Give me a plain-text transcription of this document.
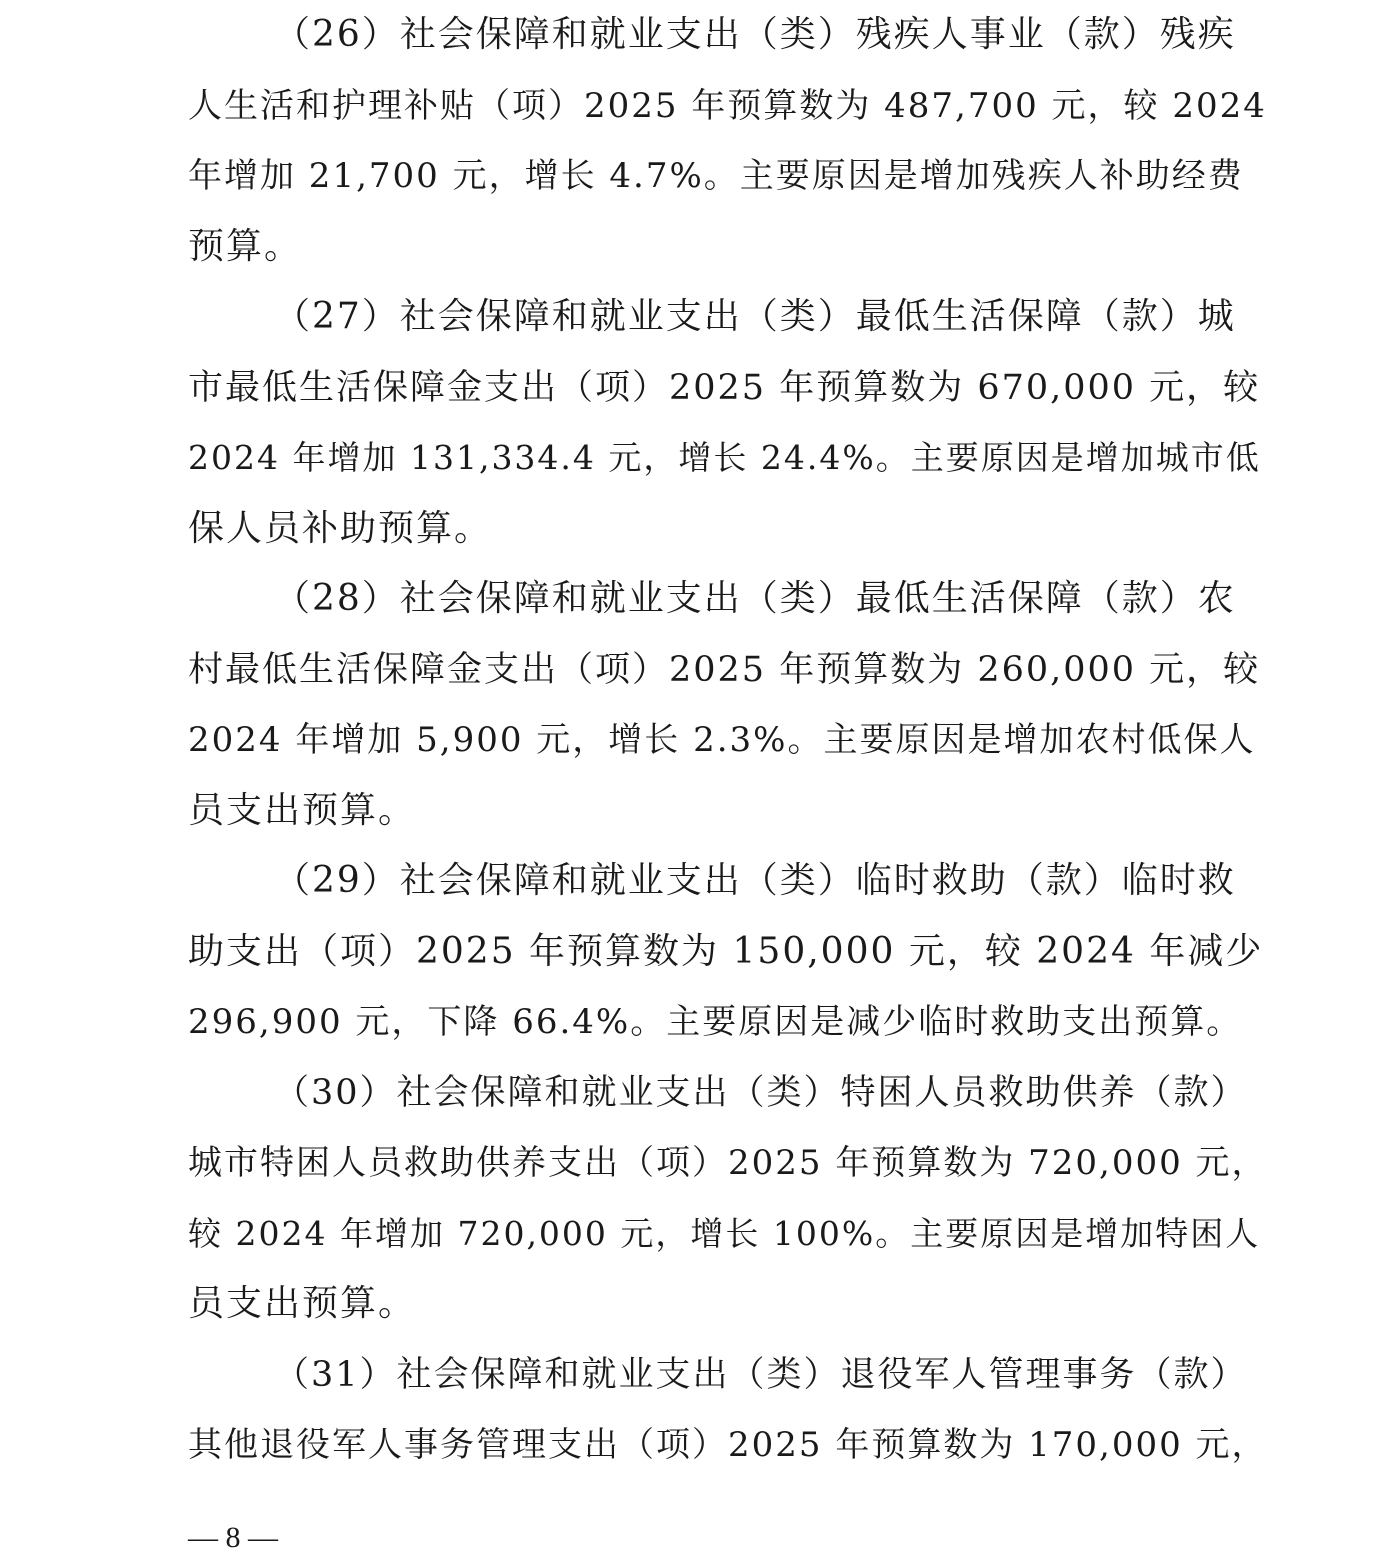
（26）社会保障和就业支出（类）残疾人事业（款）残疾
人生活和护理补贴（项）2025 年预算数为 487,700 元，较 2024
年增加 21,700 元，增长 4.7%。主要原因是增加残疾人补助经费
预算。
（27）社会保障和就业支出（类）最低生活保障（款）城
市最低生活保障金支出（项）2025 年预算数为 670,000 元，较
2024 年增加 131,334.4 元，增长 24.4%。主要原因是增加城市低
保人员补助预算。
（28）社会保障和就业支出（类）最低生活保障（款）农
村最低生活保障金支出（项）2025 年预算数为 260,000 元，较
2024 年增加 5,900 元，增长 2.3%。主要原因是增加农村低保人
员支出预算。
（29）社会保障和就业支出（类）临时救助（款）临时救
助支出（项）2025 年预算数为 150,000 元，较 2024 年减少
296,900 元，下降 66.4%。主要原因是减少临时救助支出预算。
（30）社会保障和就业支出（类）特困人员救助供养（款）
城市特困人员救助供养支出（项）2025 年预算数为 720,000 元，
较 2024 年增加 720,000 元，增长 100%。主要原因是增加特困人
员支出预算。
（31）社会保障和就业支出（类）退役军人管理事务（款）
其他退役军人事务管理支出（项）2025 年预算数为 170,000 元，
— 8 —
